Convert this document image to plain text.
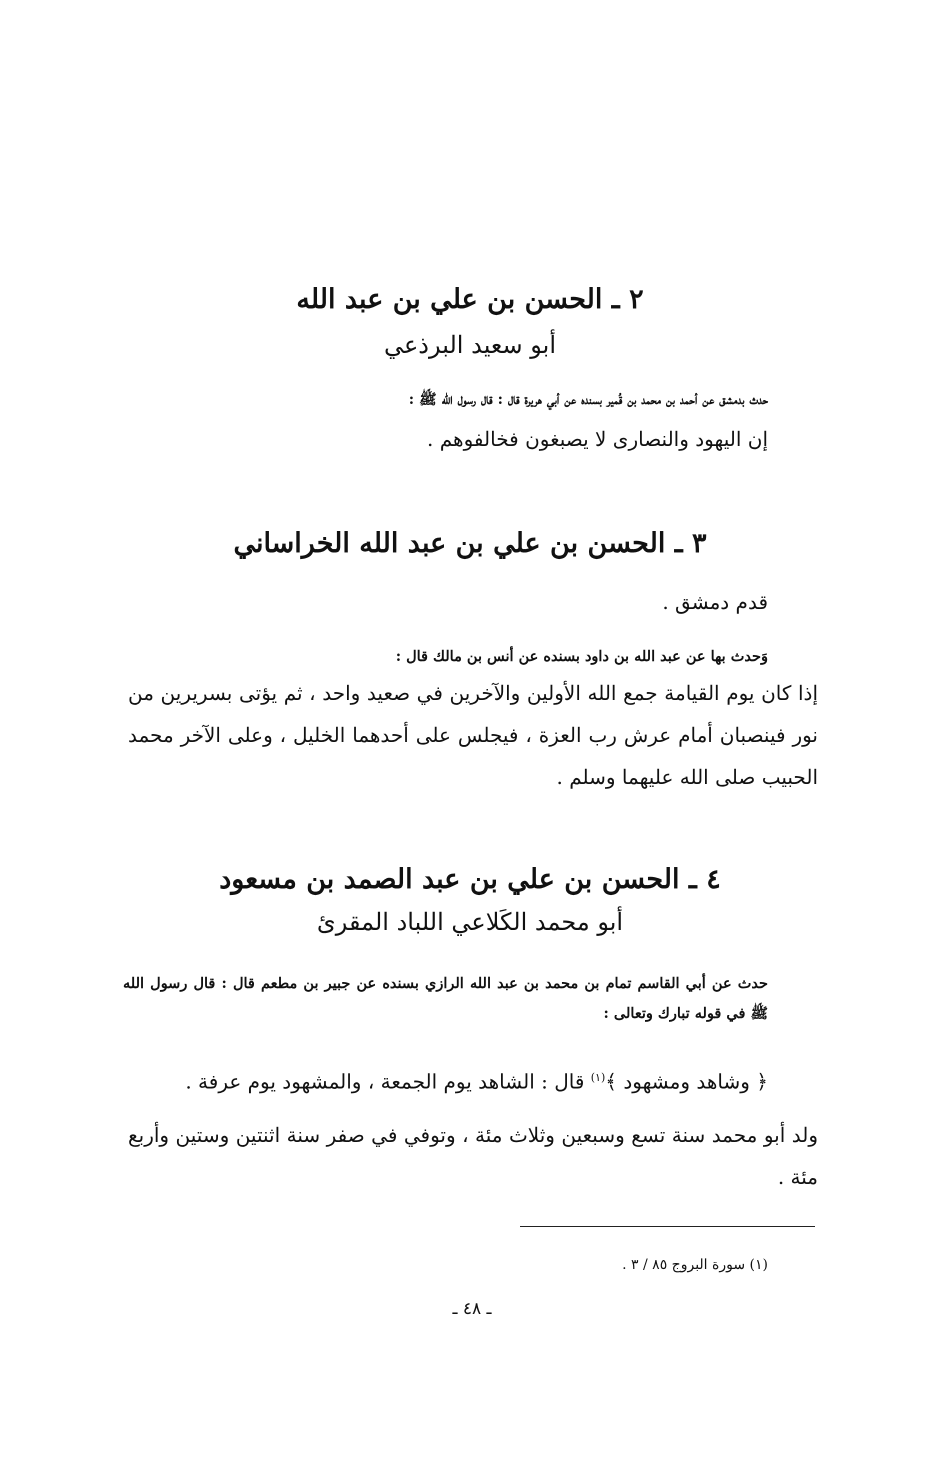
٢ ـ الحسن بن علي بن عبد الله
أبو سعيد البرذعي

حدث بدمشق عن أحمد بن محمد بن قُمير بسنده عن أبي هريرة قال : قال رسول الله ﷺ :

إن اليهود والنصارى لا يصبغون فخالفوهم .

٣ ـ الحسن بن علي بن عبد الله الخراساني

قدم دمشق .

وَحدث بها عن عبد الله بن داود بسنده عن أنس بن مالك قال :

إذا كان يوم القيامة جمع الله الأولين والآخرين في صعيد واحد ، ثم يؤتى بسريرين من نور فينصبان أمام عرش رب العزة ، فيجلس على أحدهما الخليل ، وعلى الآخر محمد الحبيب صلى الله عليهما وسلم .

٤ ـ الحسن بن علي بن عبد الصمد بن مسعود
أبو محمد الكَلاعي اللباد المقرئ

حدث عن أبي القاسم تمام بن محمد بن عبد الله الرازي بسنده عن جبير بن مطعم قال : قال رسول الله ﷺ في قوله تبارك وتعالى :

﴿ وشاهد ومشهود ﴾$^{(١)}$ قال : الشاهد يوم الجمعة ، والمشهود يوم عرفة .

ولد أبو محمد سنة تسع وسبعين وثلاث مئة ، وتوفي في صفر سنة اثنتين وستين وأربع مئة .

(١) سورة البروج ٨٥ / ٣ .

ـ ٤٨ ـ
